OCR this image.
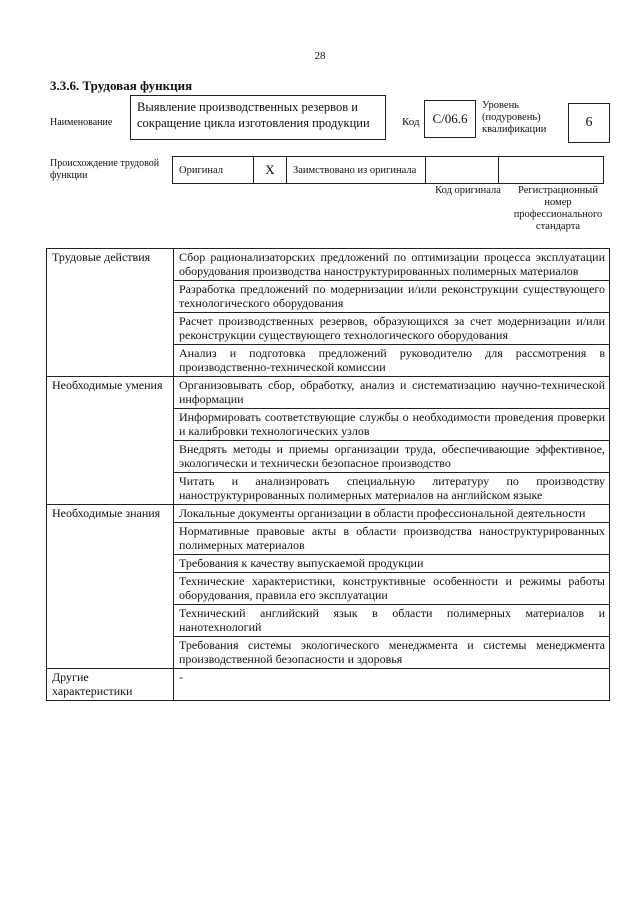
28
3.3.6. Трудовая функция
Наименование
Выявление производственных резервов и сокращение цикла изготовления продукции	Код С/06.6
Уровень (подуровень) квалификации	6
Происхождение трудовой функции	Оригинал	X	Заимствовано из оригинала		
Код оригинала	Регистрационный номер профессионального стандарта
Трудовые действия	Сбор рационализаторских предложений по оптимизации процесса эксплуатации оборудования производства наноструктурированных полимерных материалов
	Разработка предложений по модернизации и/или реконструкции существующего технологического оборудования
	Расчет производственных резервов, образующихся за счет модернизации и/или реконструкции существующего технологического оборудования
	Анализ и подготовка предложений руководителю для рассмотрения в производственно-технической комиссии
Необходимые умения	Организовывать сбор, обработку, анализ и систематизацию научно-технической информации
	Информировать соответствующие службы о необходимости проведения проверки и калибровки технологических узлов
	Внедрять методы и приемы организации труда, обеспечивающие эффективное, экологически и технически безопасное производство
	Читать и анализировать специальную литературу по производству наноструктурированных полимерных материалов на английском языке
Необходимые знания	Локальные документы организации в области профессиональной деятельности
	Нормативные правовые акты в области производства наноструктурированных полимерных материалов
	Требования к качеству выпускаемой продукции
	Технические характеристики, конструктивные особенности и режимы работы оборудования, правила его эксплуатации
	Технический английский язык в области полимерных материалов и нанотехнологий
	Требования системы экологического менеджмента и системы менеджмента производственной безопасности и здоровья
Другие характеристики	-
